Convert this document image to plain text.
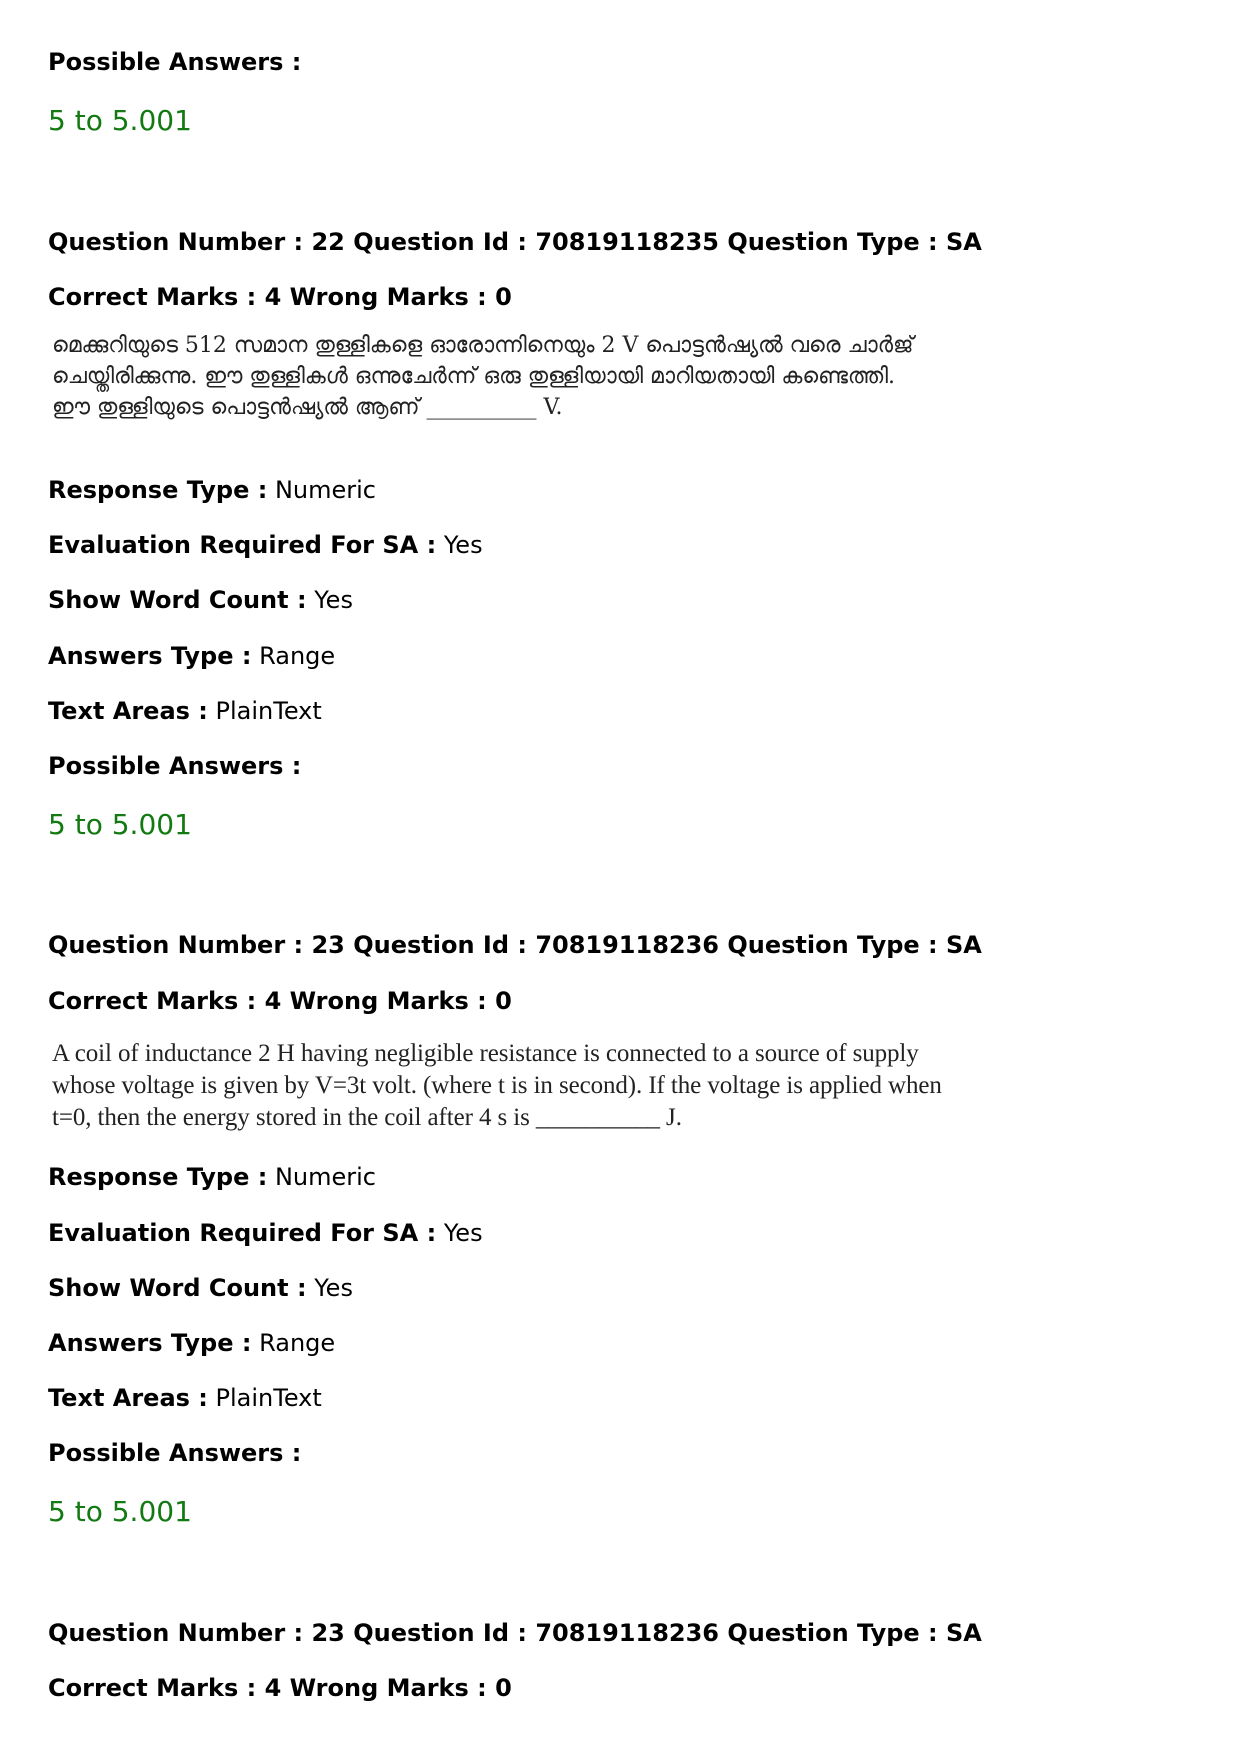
Possible Answers :
5 to 5.001
Question Number : 22 Question Id : 70819118235 Question Type : SA
Correct Marks : 4 Wrong Marks : 0
മെക്കുറിയുടെ 512 സമാന തുള്ളികളെ ഓരോന്നിനെയും 2 V പൊട്ടൻഷ്യൽ വരെ ചാർജ്
ചെയ്തിരിക്കുന്നു. ഈ തുള്ളികൾ ഒന്നുചേർന്ന് ഒരു തുള്ളിയായി മാറിയതായി കണ്ടെത്തി.
ഈ തുള്ളിയുടെ പൊട്ടൻഷ്യൽ ആണ് __________ V.
Response Type : Numeric
Evaluation Required For SA : Yes
Show Word Count : Yes
Answers Type : Range
Text Areas : PlainText
Possible Answers :
5 to 5.001
Question Number : 23 Question Id : 70819118236 Question Type : SA
Correct Marks : 4 Wrong Marks : 0
A coil of inductance 2 H having negligible resistance is connected to a source of supply
whose voltage is given by V=3t volt. (where t is in second). If the voltage is applied when
t=0, then the energy stored in the coil after 4 s is __________ J.
Response Type : Numeric
Evaluation Required For SA : Yes
Show Word Count : Yes
Answers Type : Range
Text Areas : PlainText
Possible Answers :
5 to 5.001
Question Number : 23 Question Id : 70819118236 Question Type : SA
Correct Marks : 4 Wrong Marks : 0
